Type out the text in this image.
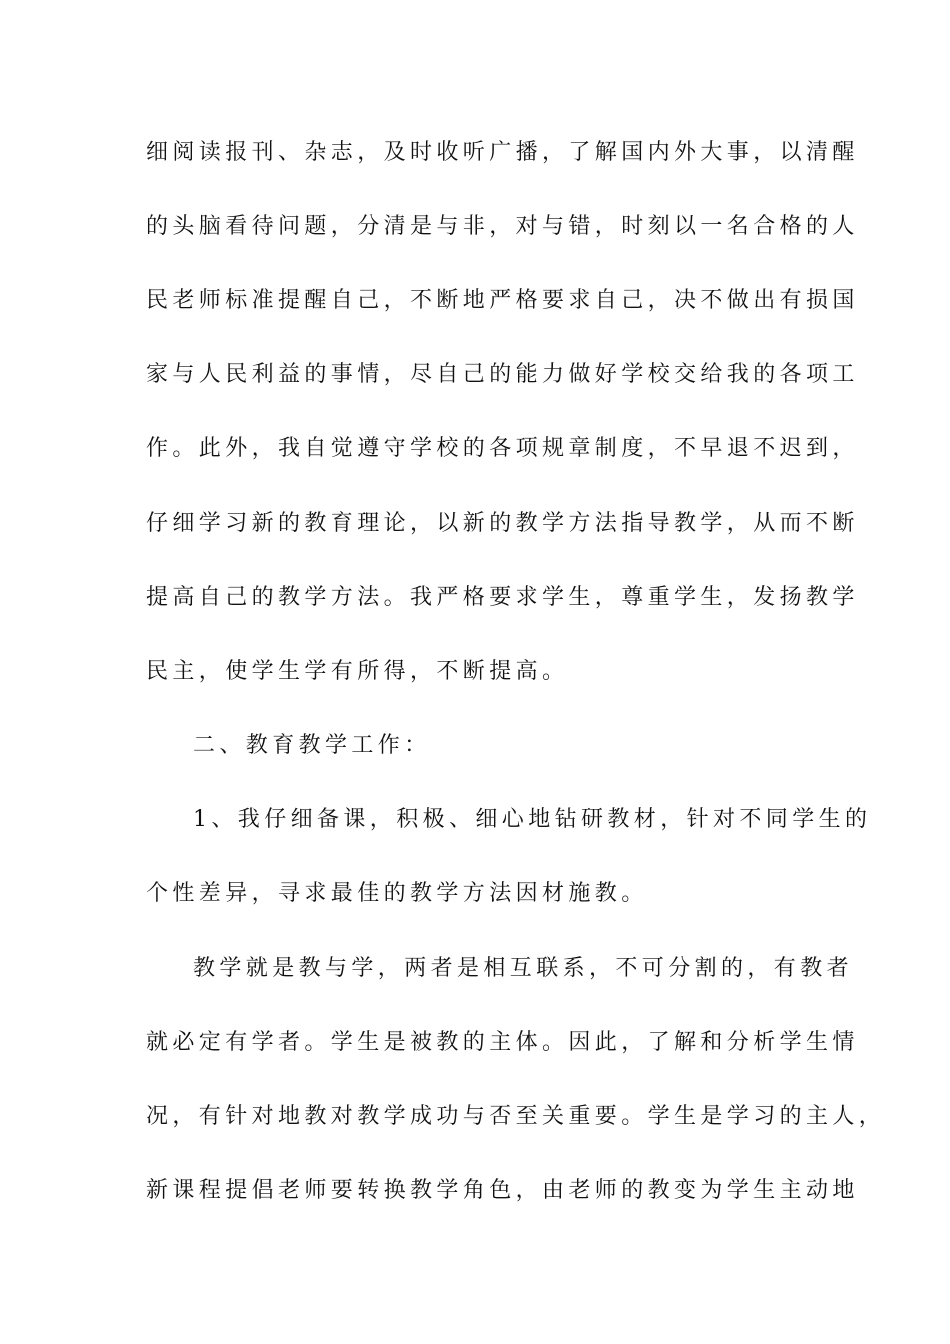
细阅读报刊、杂志，及时收听广播，了解国内外大事，以清醒
的头脑看待问题，分清是与非，对与错，时刻以一名合格的人
民老师标准提醒自己，不断地严格要求自己，决不做出有损国
家与人民利益的事情，尽自己的能力做好学校交给我的各项工
作。此外，我自觉遵守学校的各项规章制度，不早退不迟到，
仔细学习新的教育理论，以新的教学方法指导教学，从而不断
提高自己的教学方法。我严格要求学生，尊重学生，发扬教学
民主，使学生学有所得，不断提高。
二、教育教学工作：
1、我仔细备课，积极、细心地钻研教材，针对不同学生的
个性差异，寻求最佳的教学方法因材施教。
教学就是教与学，两者是相互联系，不可分割的，有教者
就必定有学者。学生是被教的主体。因此，了解和分析学生情
况，有针对地教对教学成功与否至关重要。学生是学习的主人，
新课程提倡老师要转换教学角色，由老师的教变为学生主动地
